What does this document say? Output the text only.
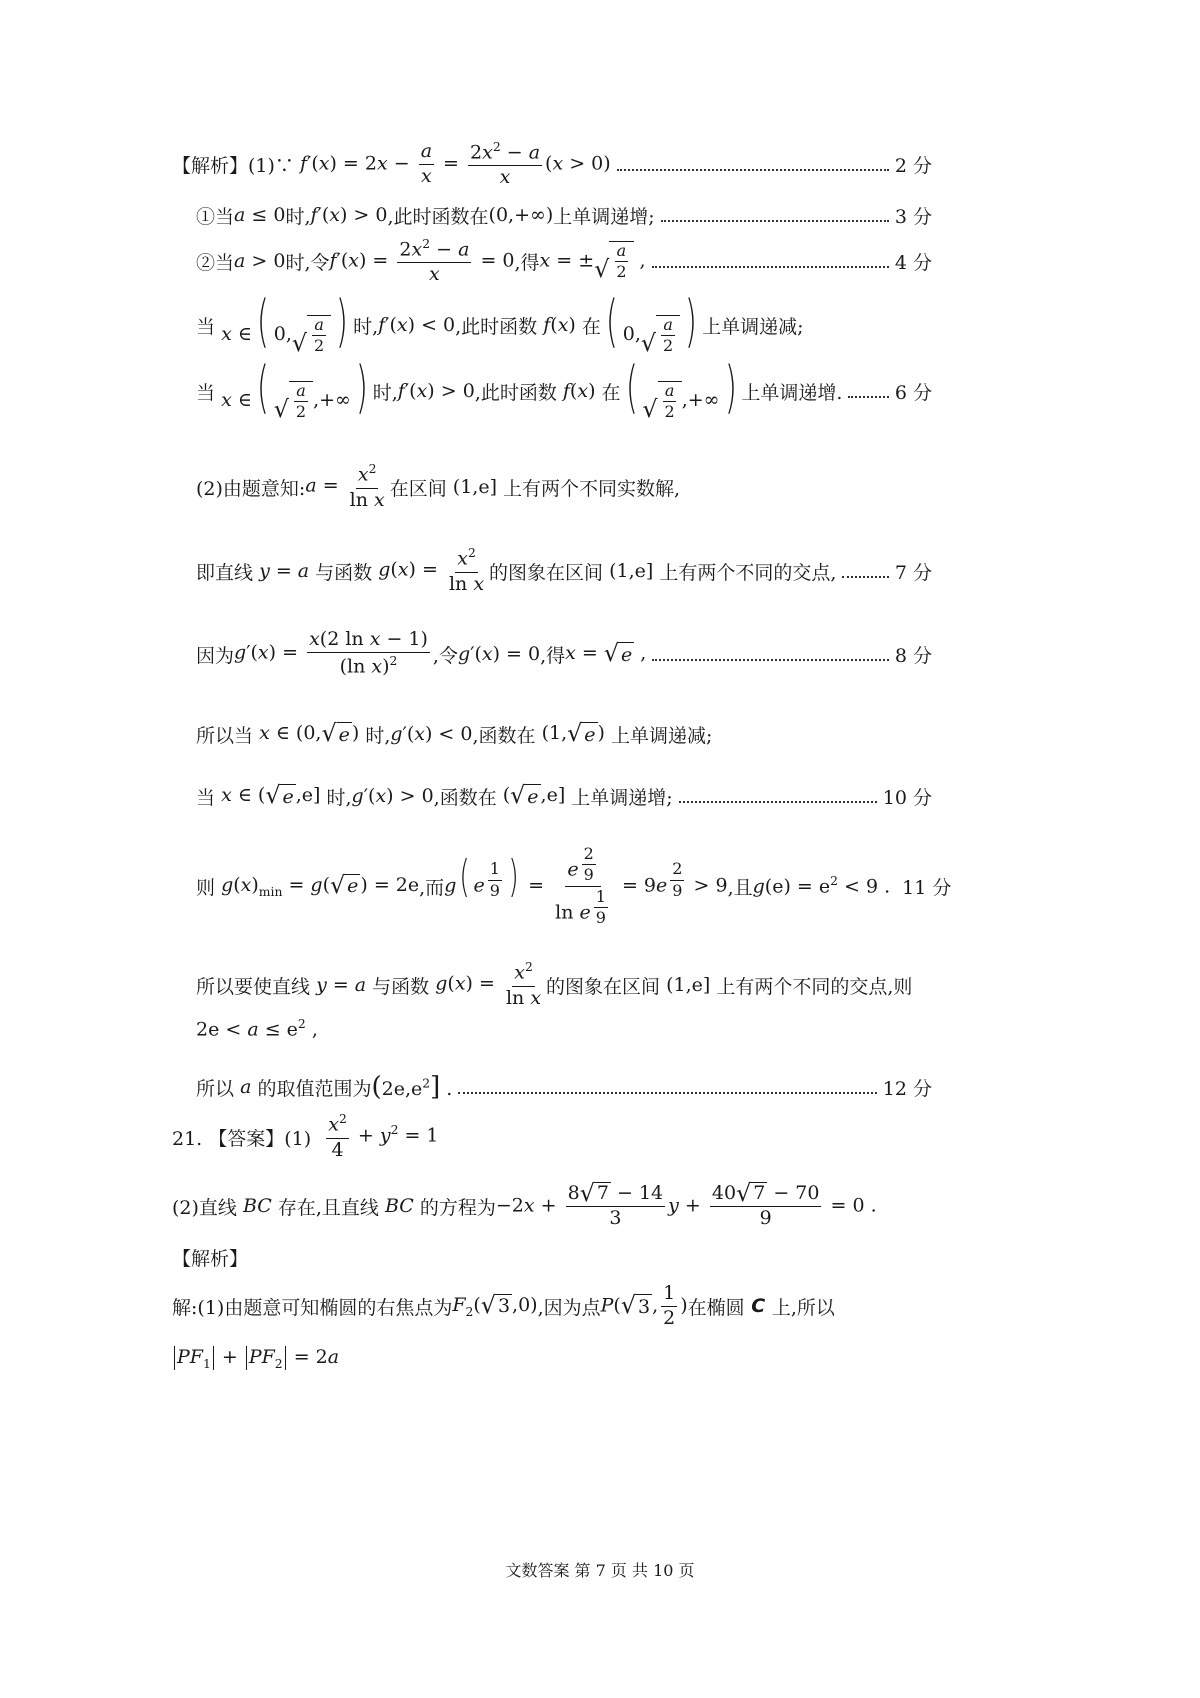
【解析】(1)∵ $f'(x) = 2x - \frac{a}{x} = \frac{2x^2 - a}{x} (x > 0)$	2 分
①当 a ≤ 0 时, f′(x) > 0 ,此时函数在 (0,+∞) 上单调递增;	3 分
②当 a > 0 时,令 $f'(x) = \frac{2x^2 - a}{x} = 0$ ,得 x = ± √ $\frac{a}{2}$ ,	4 分
当 x ∈( 0, √ $\frac{a}{2}$ ) 时, f′(x) < 0 ,此时函数 f(x) 在 ( 0, √ $\frac{a}{2}$ ) 上单调递减;
当 x ∈( √ $\frac{a}{2}$ ,+∞) 时, f′(x) > 0 ,此时函数 f(x) 在 ( √ $\frac{a}{2}$ ,+∞) 上单调递增.	6 分
(2)由题意知: $a = \frac{x^2}{\text{ln x}}$ 在区间 (1,e] 上有两个不同实数解,
即直线 y = a 与函数 $g(x) = \frac{x^2}{\text{ln x}}$ 的图象在区间 (1,e] 上有两个不同的交点,	7 分
因为 $g'(x) = \frac{\text{x(2 ln x − 1)}}{(\ln x)^2}$ ,令 g′(x) = 0 ,得 x = √ e ,	8 分
所以当 x ∈ (0, √ e ) 时, g′(x) < 0 ,函数在 (1, √ e ) 上单调递减;
当 x ∈ ( √ e ,e] 时, g′(x) > 0 ,函数在 ( √ e ,e] 上单调递增;	10 分
则 $g(x)_{min} = g$( √ e ) = 2e ,而 g( e $^{\frac{1}{9}}$ ) = e $^{\frac{2}{9}}$
ln e $^{\frac{1}{9}}$ = 9e $^{\frac{2}{9}}$ > 9 ,且 $g(e) = e^2 < 9$ . 11 分
所以要使直线 y = a 与函数 $g(x) = \frac{x^2}{\text{ln x}}$ 的图象在区间 (1,e] 上有两个不同的交点,则
$2e < a \le e^2$ ,
所以 a 的取值范围为 $(2e,e^2]$ .	12 分
21. 【答案】(1)
$\frac{x^2}{4} + y^2 = 1$
(2)直线 BC 存在,且直线 BC 的方程为 $-2x + \frac{8 √ 7 - 14}{3}$ $y + \frac{40 √ 7 - 70}{9} = 0$ .
【解析】
解:(1)由题意可知椭圆的右焦点为 $F_2$( √ 3 ,0) ,因为点 P( √ 3 , $\frac{1}{2}$ ) 在椭圆 C 上,所以
$PF_1 + PF_2 = 2a$
文数答案 第 7 页 共 10 页
